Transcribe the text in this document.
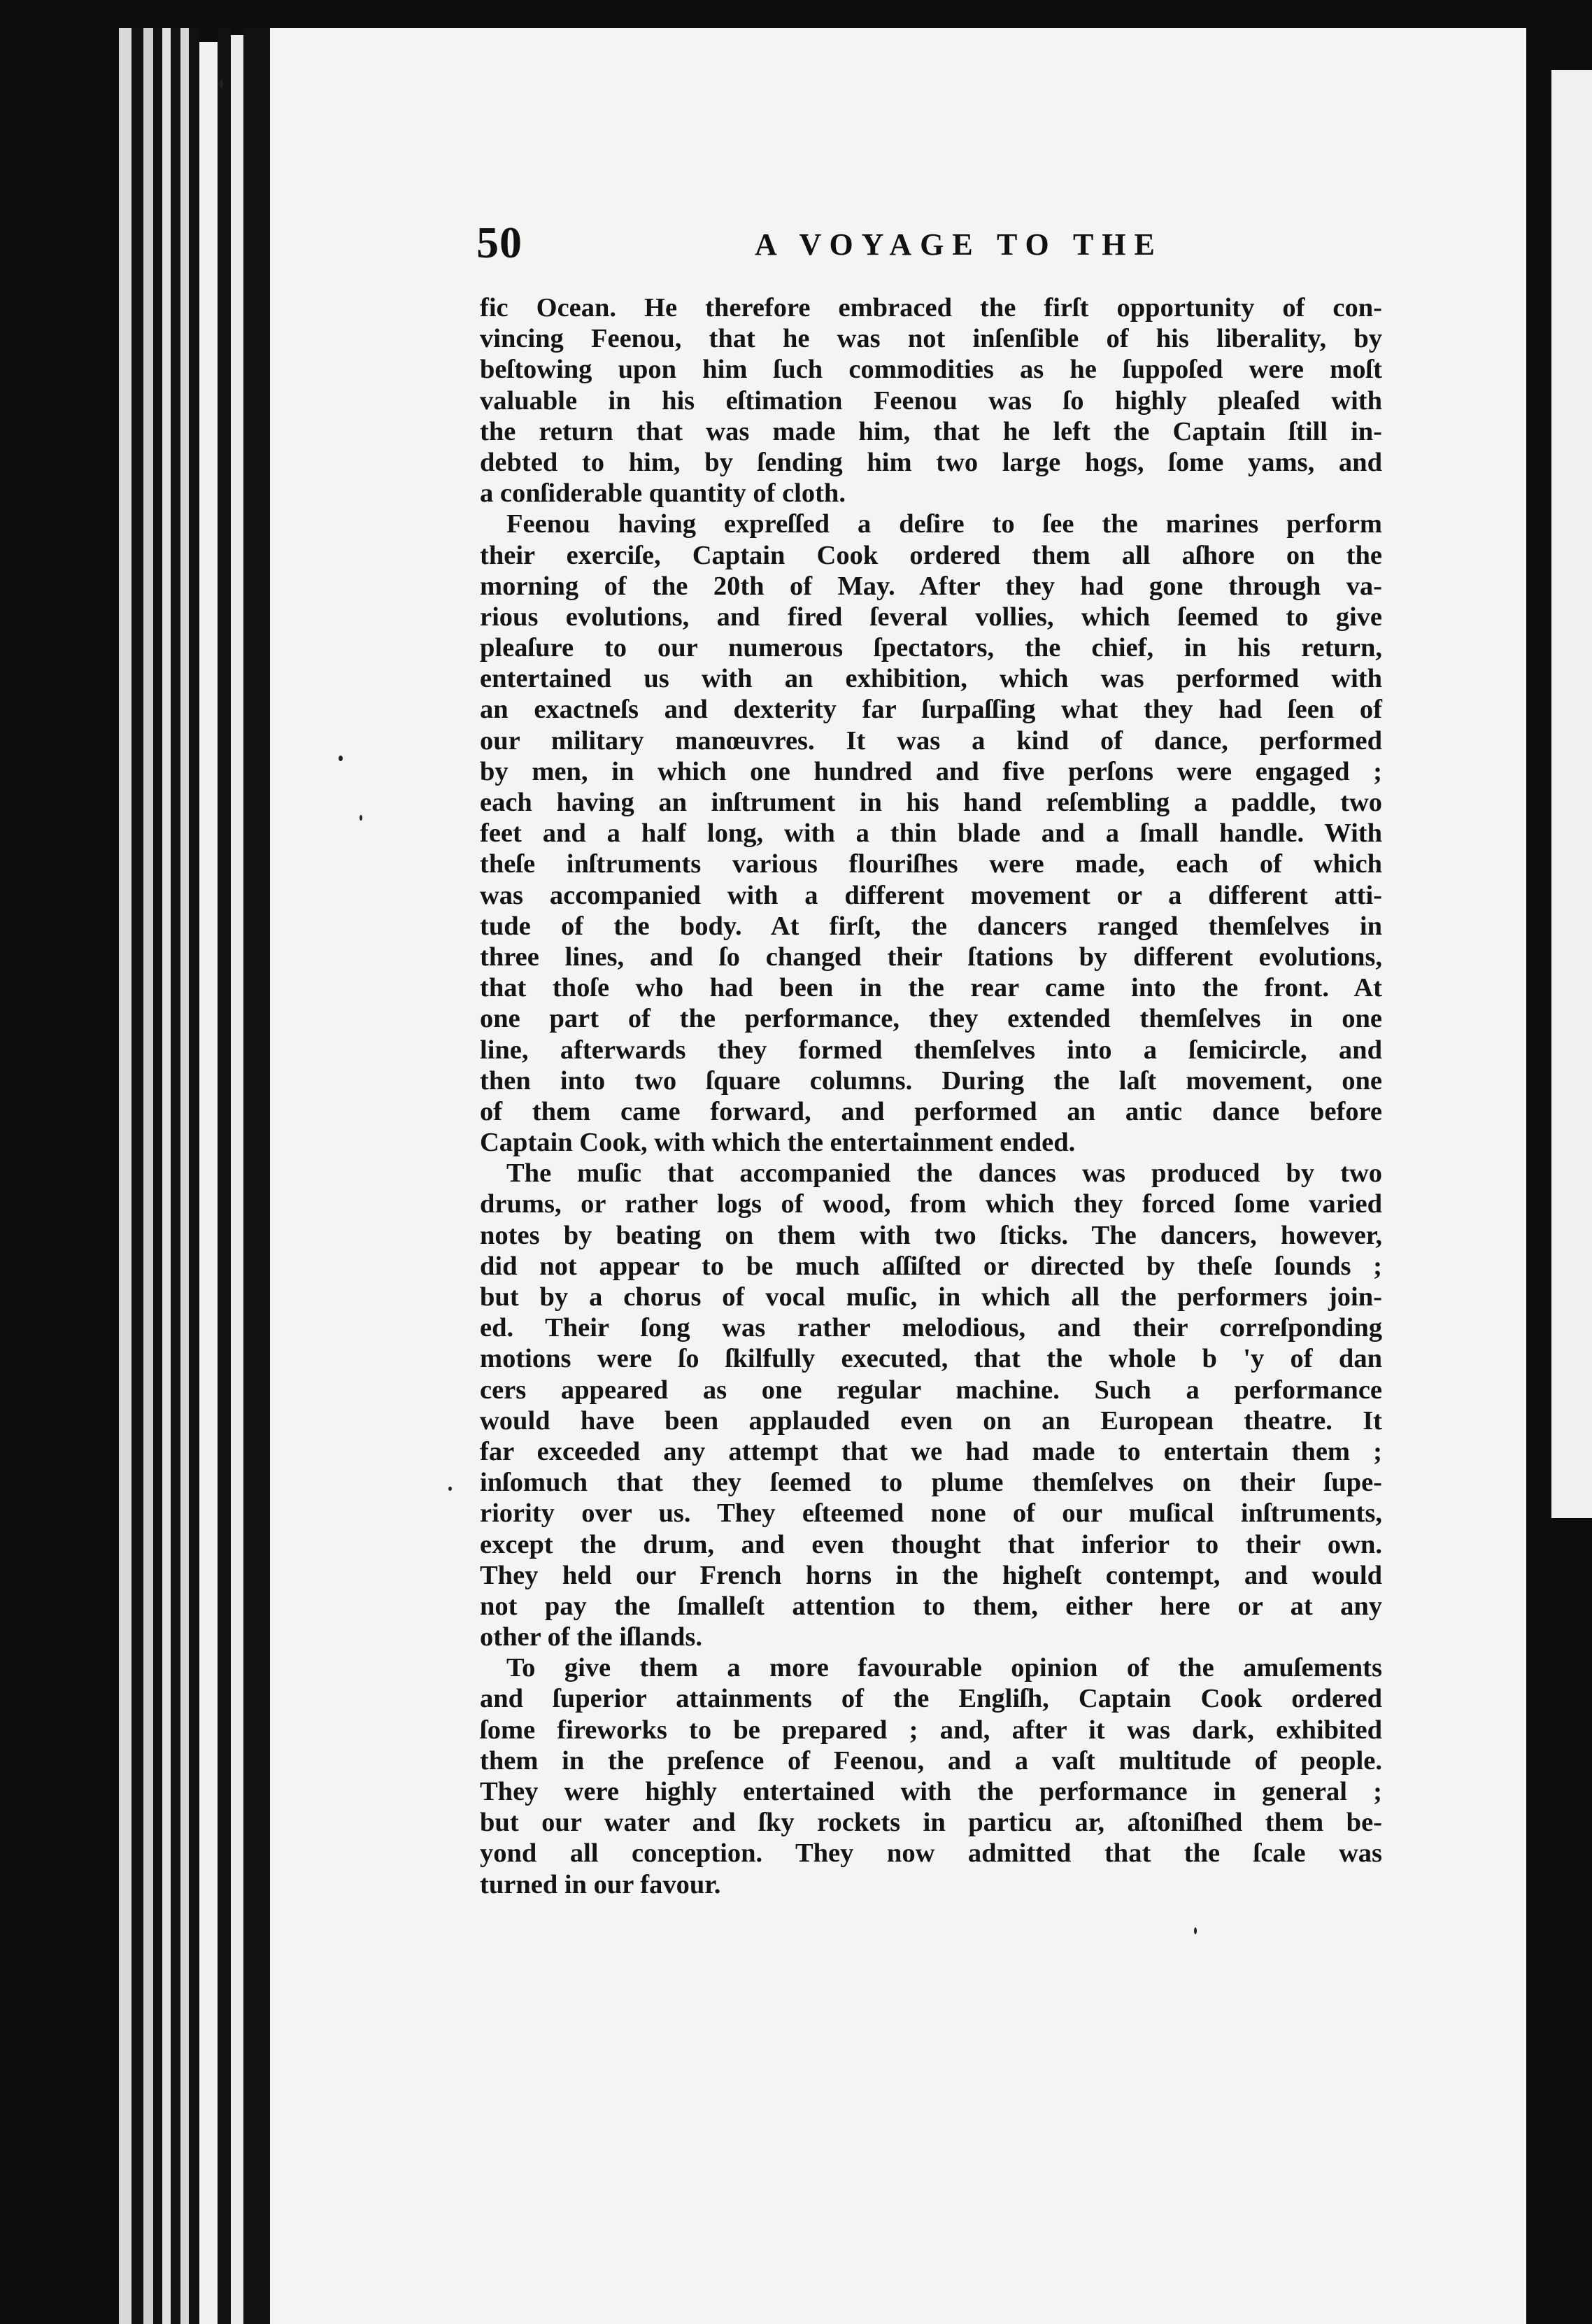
50	A VOYAGE TO THE

fic Ocean. He therefore embraced the firſt opportunity of con-
vincing Feenou, that he was not inſenſible of his liberality, by
beſtowing upon him ſuch commodities as he ſuppoſed were moſt
valuable in his eſtimation Feenou was ſo highly pleaſed with
the return that was made him, that he left the Captain ſtill in-
debted to him, by ſending him two large hogs, ſome yams, and
a conſiderable quantity of cloth.

Feenou having expreſſed a deſire to ſee the marines perform
their exerciſe, Captain Cook ordered them all aſhore on the
morning of the 20th of May. After they had gone through va-
rious evolutions, and fired ſeveral vollies, which ſeemed to give
pleaſure to our numerous ſpectators, the chief, in his return,
entertained us with an exhibition, which was performed with
an exactneſs and dexterity far ſurpaſſing what they had ſeen of
our military manœuvres. It was a kind of dance, performed
by men, in which one hundred and five perſons were engaged ;
each having an inſtrument in his hand reſembling a paddle, two
feet and a half long, with a thin blade and a ſmall handle. With
theſe inſtruments various flouriſhes were made, each of which
was accompanied with a different movement or a different atti-
tude of the body. At firſt, the dancers ranged themſelves in
three lines, and ſo changed their ſtations by different evolutions,
that thoſe who had been in the rear came into the front. At
one part of the performance, they extended themſelves in one
line, afterwards they formed themſelves into a ſemicircle, and
then into two ſquare columns. During the laſt movement, one
of them came forward, and performed an antic dance before
Captain Cook, with which the entertainment ended.

The muſic that accompanied the dances was produced by two
drums, or rather logs of wood, from which they forced ſome varied
notes by beating on them with two ſticks. The dancers, however,
did not appear to be much aſſiſted or directed by theſe ſounds ;
but by a chorus of vocal muſic, in which all the performers join-
ed. Their ſong was rather melodious, and their correſponding
motions were ſo ſkilfully executed, that the whole b 'y of dan
cers appeared as one regular machine. Such a performance
would have been applauded even on an European theatre. It
far exceeded any attempt that we had made to entertain them ;
inſomuch that they ſeemed to plume themſelves on their ſupe-
riority over us. They eſteemed none of our muſical inſtruments,
except the drum, and even thought that inferior to their own.
They held our French horns in the higheſt contempt, and would
not pay the ſmalleſt attention to them, either here or at any
other of the iſlands.

To give them a more favourable opinion of the amuſements
and ſuperior attainments of the Engliſh, Captain Cook ordered
ſome fireworks to be prepared ; and, after it was dark, exhibited
them in the preſence of Feenou, and a vaſt multitude of people.
They were highly entertained with the performance in general ;
but our water and ſky rockets in particu ar, aſtoniſhed them be-
yond all conception. They now admitted that the ſcale was
turned in our favour.
